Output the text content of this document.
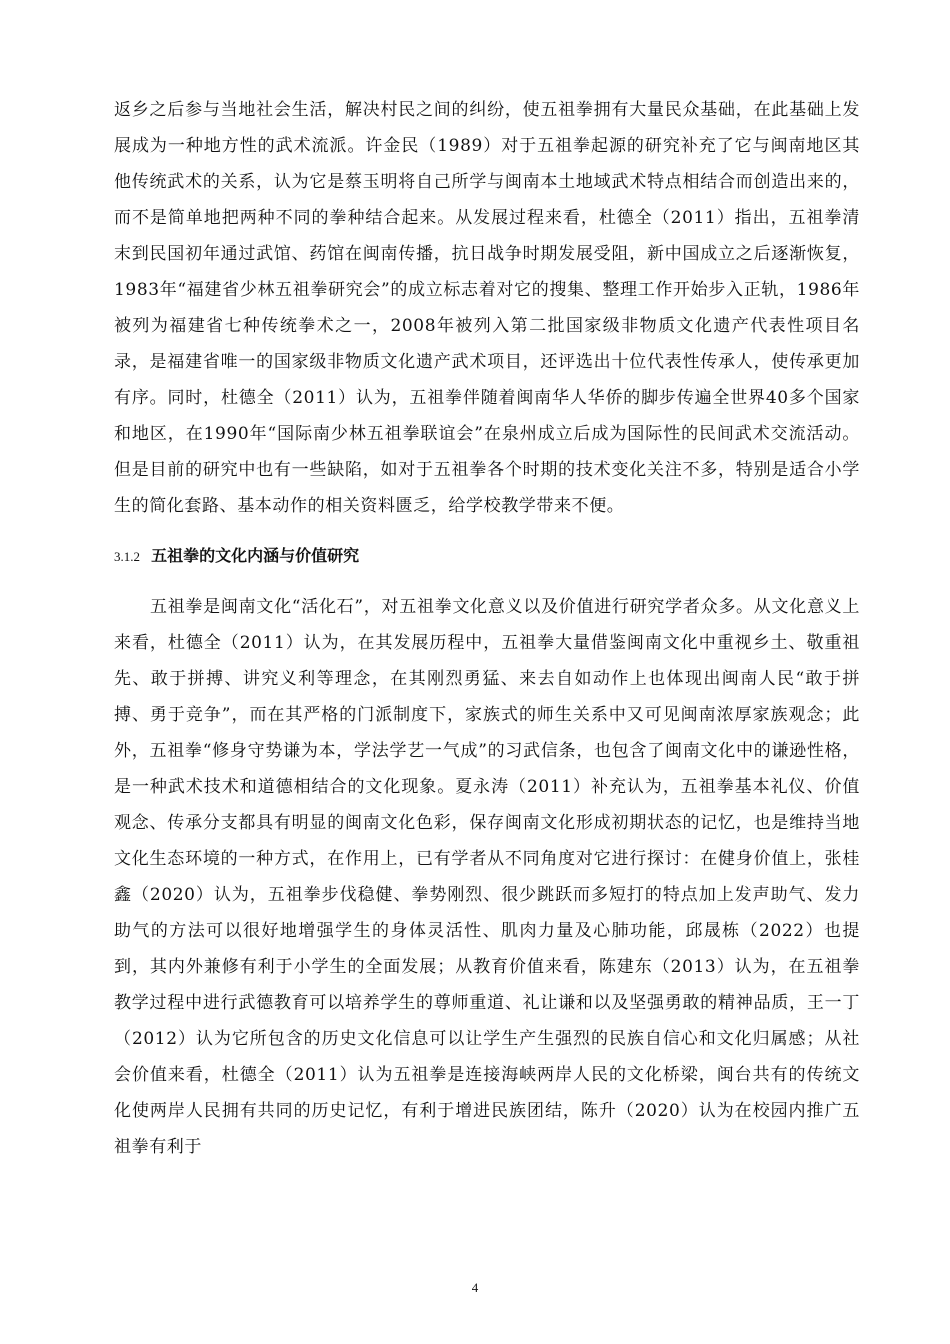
返乡之后参与当地社会生活，解决村民之间的纠纷，使五祖拳拥有大量民众基础，在此基础上发展成为一种地方性的武术流派。许金民（1989）对于五祖拳起源的研究补充了它与闽南地区其他传统武术的关系，认为它是蔡玉明将自己所学与闽南本土地域武术特点相结合而创造出来的，而不是简单地把两种不同的拳种结合起来。从发展过程来看，杜德全（2011）指出，五祖拳清末到民国初年通过武馆、药馆在闽南传播，抗日战争时期发展受阻，新中国成立之后逐渐恢复，1983年“福建省少林五祖拳研究会”的成立标志着对它的搜集、整理工作开始步入正轨，1986年被列为福建省七种传统拳术之一，2008年被列入第二批国家级非物质文化遗产代表性项目名录，是福建省唯一的国家级非物质文化遗产武术项目，还评选出十位代表性传承人，使传承更加有序。同时，杜德全（2011）认为，五祖拳伴随着闽南华人华侨的脚步传遍全世界40多个国家和地区，在1990年“国际南少林五祖拳联谊会”在泉州成立后成为国际性的民间武术交流活动。但是目前的研究中也有一些缺陷，如对于五祖拳各个时期的技术变化关注不多，特别是适合小学生的简化套路、基本动作的相关资料匮乏，给学校教学带来不便。

3.1.2 五祖拳的文化内涵与价值研究

五祖拳是闽南文化“活化石”，对五祖拳文化意义以及价值进行研究学者众多。从文化意义上来看，杜德全（2011）认为，在其发展历程中，五祖拳大量借鉴闽南文化中重视乡土、敬重祖先、敢于拼搏、讲究义利等理念，在其刚烈勇猛、来去自如动作上也体现出闽南人民“敢于拼搏、勇于竞争”，而在其严格的门派制度下，家族式的师生关系中又可见闽南浓厚家族观念；此外，五祖拳“修身守势谦为本，学法学艺一气成”的习武信条，也包含了闽南文化中的谦逊性格，是一种武术技术和道德相结合的文化现象。夏永涛（2011）补充认为，五祖拳基本礼仪、价值观念、传承分支都具有明显的闽南文化色彩，保存闽南文化形成初期状态的记忆，也是维持当地文化生态环境的一种方式，在作用上，已有学者从不同角度对它进行探讨：在健身价值上，张桂鑫（2020）认为，五祖拳步伐稳健、拳势刚烈、很少跳跃而多短打的特点加上发声助气、发力助气的方法可以很好地增强学生的身体灵活性、肌肉力量及心肺功能，邱晟栋（2022）也提到，其内外兼修有利于小学生的全面发展；从教育价值来看，陈建东（2013）认为，在五祖拳教学过程中进行武德教育可以培养学生的尊师重道、礼让谦和以及坚强勇敢的精神品质，王一丁（2012）认为它所包含的历史文化信息可以让学生产生强烈的民族自信心和文化归属感；从社会价值来看，杜德全（2011）认为五祖拳是连接海峡两岸人民的文化桥梁，闽台共有的传统文化使两岸人民拥有共同的历史记忆，有利于增进民族团结，陈升（2020）认为在校园内推广五祖拳有利于

4
